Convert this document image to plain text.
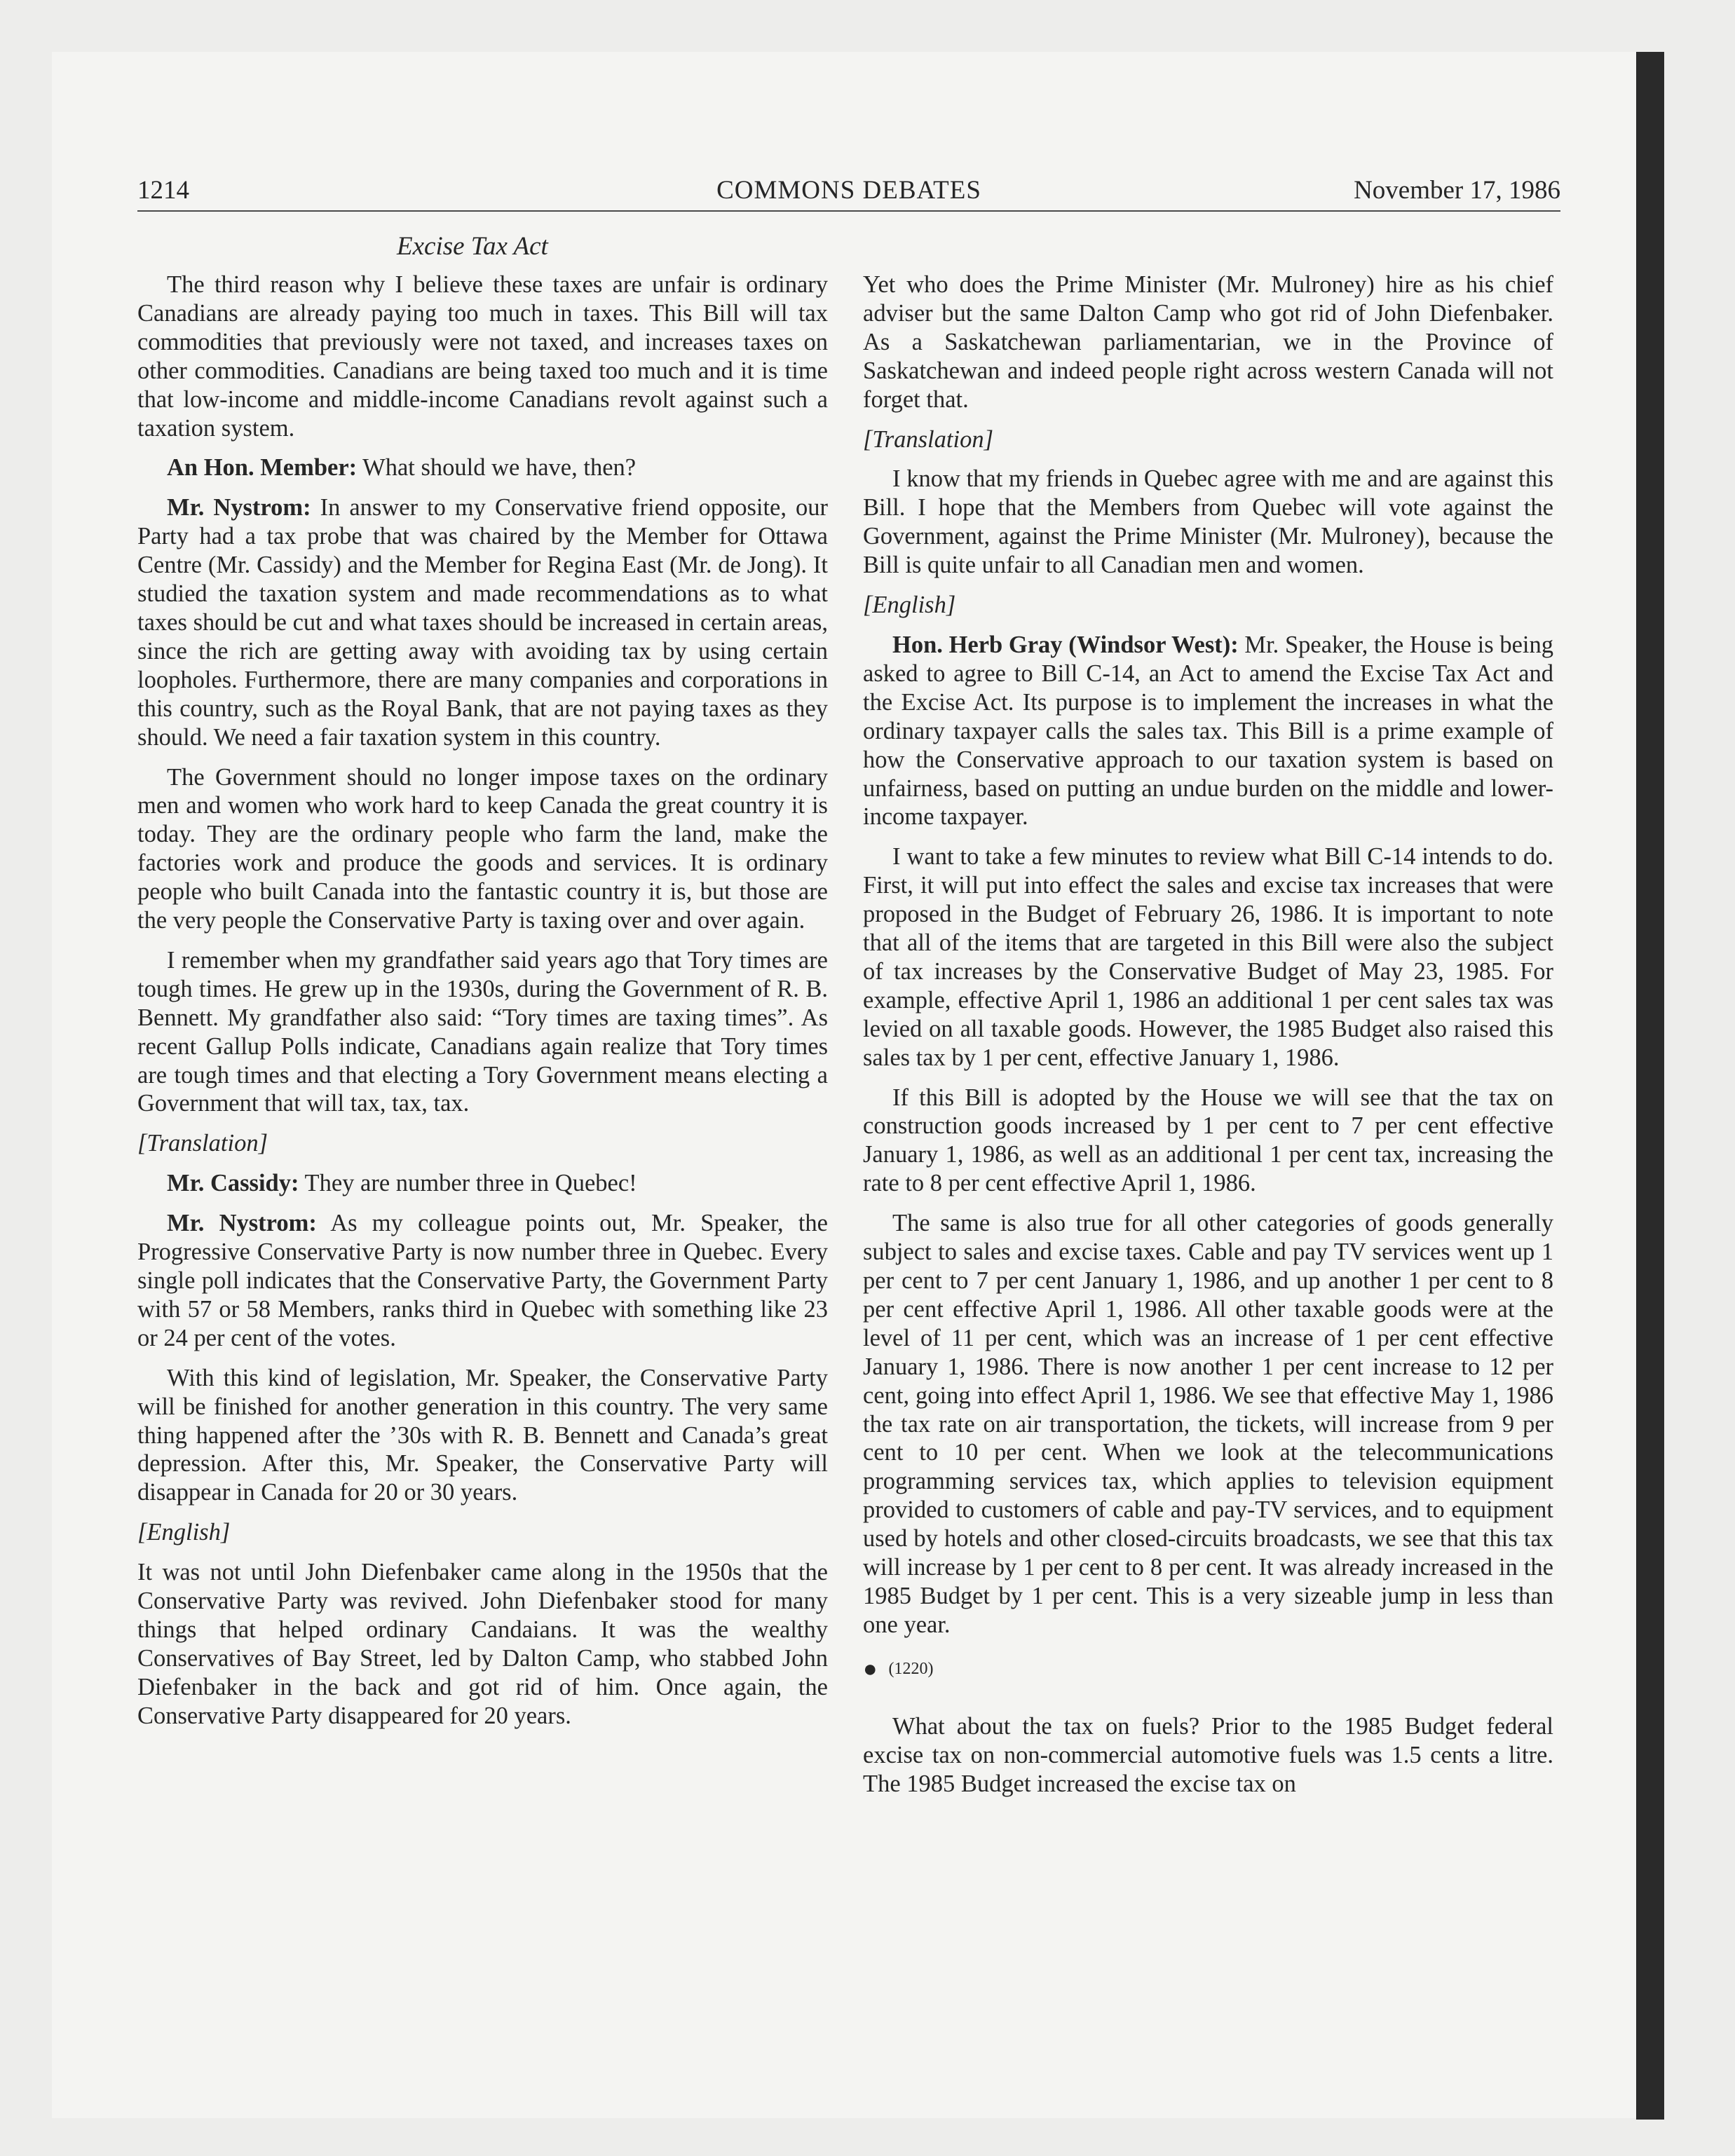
1214	COMMONS DEBATES	November 17, 1986
Excise Tax Act

The third reason why I believe these taxes are unfair is ordinary Canadians are already paying too much in taxes. This Bill will tax commodities that previously were not taxed, and increases taxes on other commodities. Canadians are being taxed too much and it is time that low-income and middle-income Canadians revolt against such a taxation system.

An Hon. Member: What should we have, then?

Mr. Nystrom: In answer to my Conservative friend opposite, our Party had a tax probe that was chaired by the Member for Ottawa Centre (Mr. Cassidy) and the Member for Regina East (Mr. de Jong). It studied the taxation system and made recommendations as to what taxes should be cut and what taxes should be increased in certain areas, since the rich are getting away with avoiding tax by using certain loopholes. Furthermore, there are many companies and corporations in this country, such as the Royal Bank, that are not paying taxes as they should. We need a fair taxation system in this country.

The Government should no longer impose taxes on the ordinary men and women who work hard to keep Canada the great country it is today. They are the ordinary people who farm the land, make the factories work and produce the goods and services. It is ordinary people who built Canada into the fantastic country it is, but those are the very people the Conservative Party is taxing over and over again.

I remember when my grandfather said years ago that Tory times are tough times. He grew up in the 1930s, during the Government of R. B. Bennett. My grandfather also said: “Tory times are taxing times”. As recent Gallup Polls indicate, Canadians again realize that Tory times are tough times and that electing a Tory Government means electing a Government that will tax, tax, tax.

[Translation]

Mr. Cassidy: They are number three in Quebec!

Mr. Nystrom: As my colleague points out, Mr. Speaker, the Progressive Conservative Party is now number three in Quebec. Every single poll indicates that the Conservative Party, the Government Party with 57 or 58 Members, ranks third in Quebec with something like 23 or 24 per cent of the votes.

With this kind of legislation, Mr. Speaker, the Conservative Party will be finished for another generation in this country. The very same thing happened after the ’30s with R. B. Bennett and Canada’s great depression. After this, Mr. Speaker, the Conservative Party will disappear in Canada for 20 or 30 years.

[English]

It was not until John Diefenbaker came along in the 1950s that the Conservative Party was revived. John Diefenbaker stood for many things that helped ordinary Candaians. It was the wealthy Conservatives of Bay Street, led by Dalton Camp, who stabbed John Diefenbaker in the back and got rid of him. Once again, the Conservative Party disappeared for 20 years.

Yet who does the Prime Minister (Mr. Mulroney) hire as his chief adviser but the same Dalton Camp who got rid of John Diefenbaker. As a Saskatchewan parliamentarian, we in the Province of Saskatchewan and indeed people right across western Canada will not forget that.

[Translation]

I know that my friends in Quebec agree with me and are against this Bill. I hope that the Members from Quebec will vote against the Government, against the Prime Minister (Mr. Mulroney), because the Bill is quite unfair to all Canadian men and women.

[English]

Hon. Herb Gray (Windsor West): Mr. Speaker, the House is being asked to agree to Bill C-14, an Act to amend the Excise Tax Act and the Excise Act. Its purpose is to implement the increases in what the ordinary taxpayer calls the sales tax. This Bill is a prime example of how the Conservative approach to our taxation system is based on unfairness, based on putting an undue burden on the middle and lower-income taxpayer.

I want to take a few minutes to review what Bill C-14 intends to do. First, it will put into effect the sales and excise tax increases that were proposed in the Budget of February 26, 1986. It is important to note that all of the items that are targeted in this Bill were also the subject of tax increases by the Conservative Budget of May 23, 1985. For example, effective April 1, 1986 an additional 1 per cent sales tax was levied on all taxable goods. However, the 1985 Budget also raised this sales tax by 1 per cent, effective January 1, 1986.

If this Bill is adopted by the House we will see that the tax on construction goods increased by 1 per cent to 7 per cent effective January 1, 1986, as well as an additional 1 per cent tax, increasing the rate to 8 per cent effective April 1, 1986.

The same is also true for all other categories of goods generally subject to sales and excise taxes. Cable and pay TV services went up 1 per cent to 7 per cent January 1, 1986, and up another 1 per cent to 8 per cent effective April 1, 1986. All other taxable goods were at the level of 11 per cent, which was an increase of 1 per cent effective January 1, 1986. There is now another 1 per cent increase to 12 per cent, going into effect April 1, 1986. We see that effective May 1, 1986 the tax rate on air transportation, the tickets, will increase from 9 per cent to 10 per cent. When we look at the telecommunications programming services tax, which applies to television equipment provided to customers of cable and pay-TV services, and to equipment used by hotels and other closed-circuits broadcasts, we see that this tax will increase by 1 per cent to 8 per cent. It was already increased in the 1985 Budget by 1 per cent. This is a very sizeable jump in less than one year.

● (1220)

What about the tax on fuels? Prior to the 1985 Budget federal excise tax on non-commercial automotive fuels was 1.5 cents a litre. The 1985 Budget increased the excise tax on
